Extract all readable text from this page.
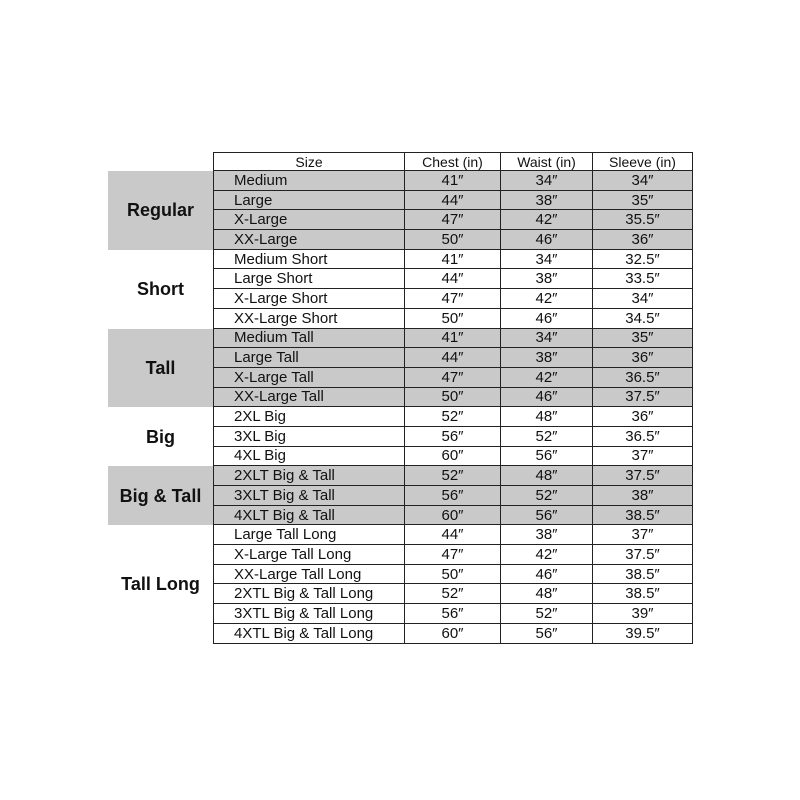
Size	Chest (in)	Waist (in)	Sleeve (in)
Regular
Medium	41″	34″	34″
Large	44″	38″	35″
X-Large	47″	42″	35.5″
XX-Large	50″	46″	36″
Short
Medium Short	41″	34″	32.5″
Large Short	44″	38″	33.5″
X-Large Short	47″	42″	34″
XX-Large Short	50″	46″	34.5″
Tall
Medium Tall	41″	34″	35″
Large Tall	44″	38″	36″
X-Large Tall	47″	42″	36.5″
XX-Large Tall	50″	46″	37.5″
Big
2XL Big	52″	48″	36″
3XL Big	56″	52″	36.5″
4XL Big	60″	56″	37″
Big & Tall
2XLT Big & Tall	52″	48″	37.5″
3XLT Big & Tall	56″	52″	38″
4XLT Big & Tall	60″	56″	38.5″
Tall Long
Large Tall Long	44″	38″	37″
X-Large Tall Long	47″	42″	37.5″
XX-Large Tall Long	50″	46″	38.5″
2XTL Big & Tall Long	52″	48″	38.5″
3XTL Big & Tall Long	56″	52″	39″
4XTL Big & Tall Long	60″	56″	39.5″
